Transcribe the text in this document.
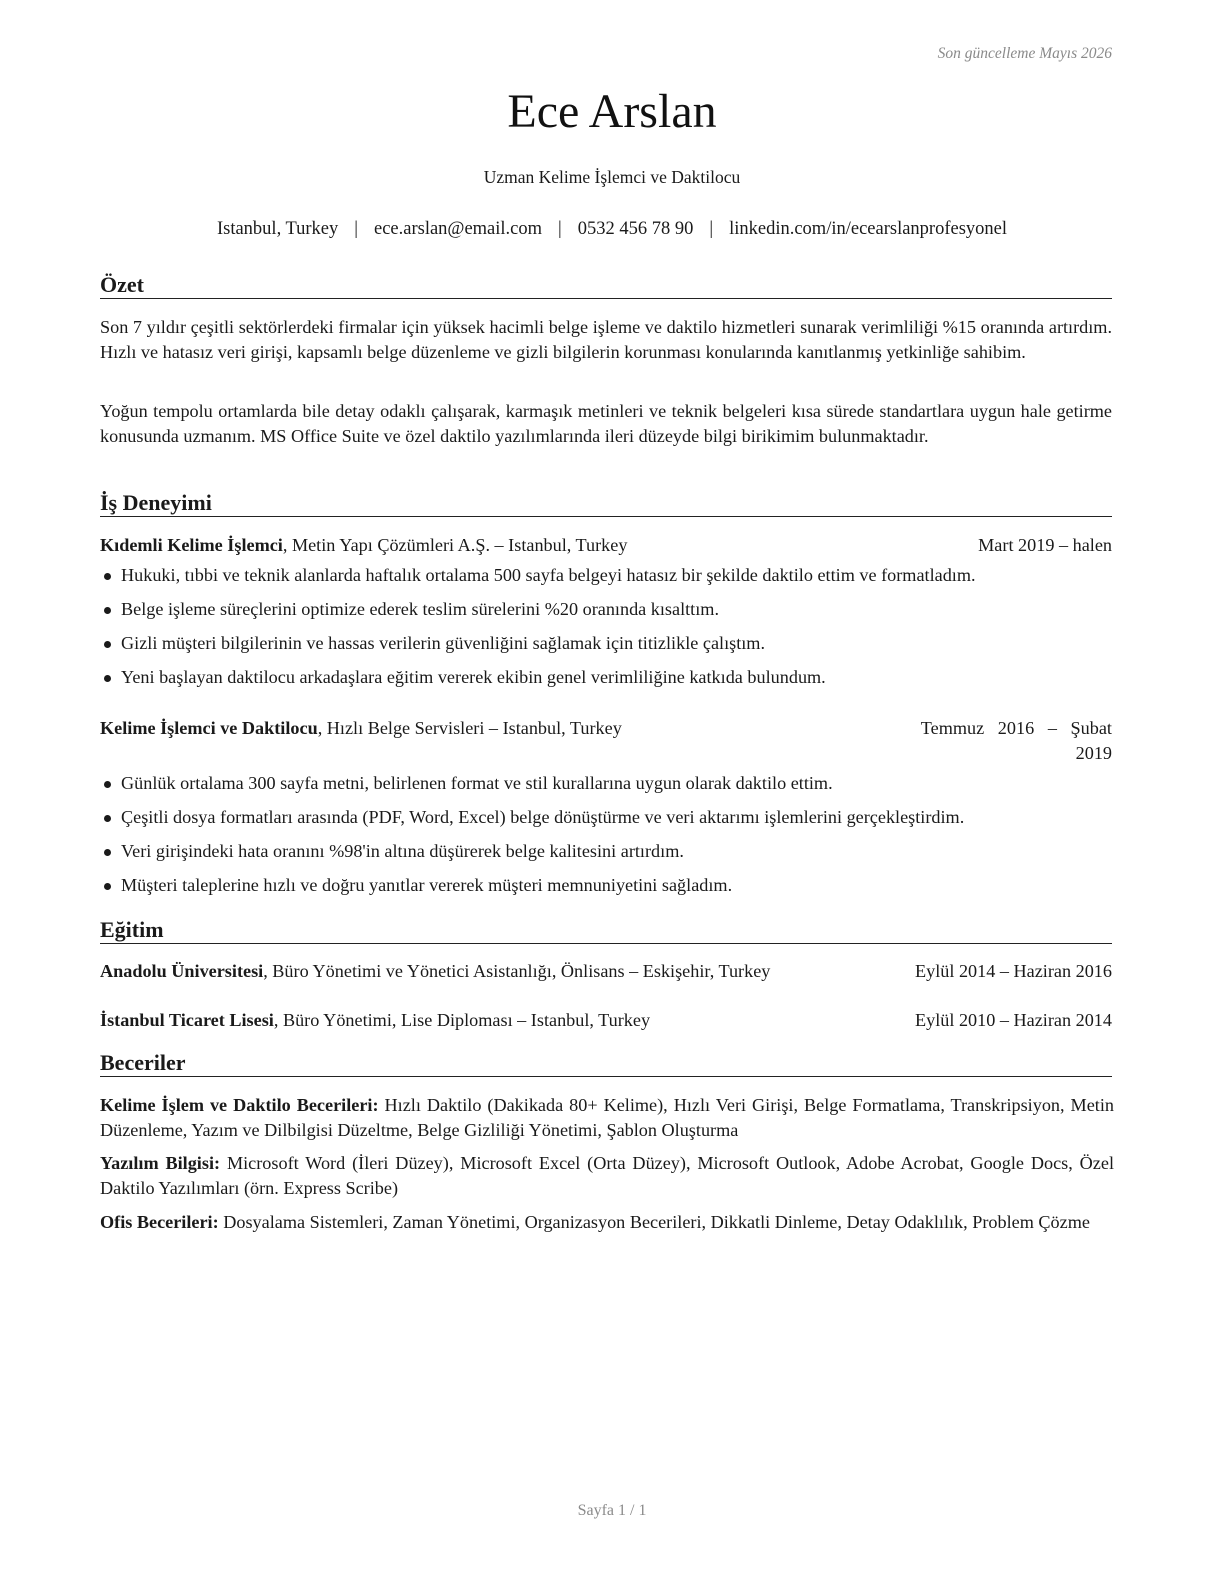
Son güncelleme Mayıs 2026
Ece Arslan
Uzman Kelime İşlemci ve Daktilocu
Istanbul, Turkey | ece.arslan@email.com | 0532 456 78 90 | linkedin.com/in/ecearslanprofesyonel
Özet
Son 7 yıldır çeşitli sektörlerdeki firmalar için yüksek hacimli belge işleme ve daktilo hizmetleri sunarak verimliliği %15 oranında artırdım. Hızlı ve hatasız veri girişi, kapsamlı belge düzenleme ve gizli bilgilerin korunması konularında kanıtlanmış yetkinliğe sahibim.
Yoğun tempolu ortamlarda bile detay odaklı çalışarak, karmaşık metinleri ve teknik belgeleri kısa sürede standartlara uygun hale getirme konusunda uzmanım. MS Office Suite ve özel daktilo yazılımlarında ileri düzeyde bilgi birikimim bulunmaktadır.
İş Deneyimi
Kıdemli Kelime İşlemci, Metin Yapı Çözümleri A.Ş. – Istanbul, Turkey	Mart 2019 – halen
Hukuki, tıbbi ve teknik alanlarda haftalık ortalama 500 sayfa belgeyi hatasız bir şekilde daktilo ettim ve formatladım.
Belge işleme süreçlerini optimize ederek teslim sürelerini %20 oranında kısalttım.
Gizli müşteri bilgilerinin ve hassas verilerin güvenliğini sağlamak için titizlikle çalıştım.
Yeni başlayan daktilocu arkadaşlara eğitim vererek ekibin genel verimliliğine katkıda bulundum.
Kelime İşlemci ve Daktilocu, Hızlı Belge Servisleri – Istanbul, Turkey	Temmuz   2016   –   Şubat
2019
Günlük ortalama 300 sayfa metni, belirlenen format ve stil kurallarına uygun olarak daktilo ettim.
Çeşitli dosya formatları arasında (PDF, Word, Excel) belge dönüştürme ve veri aktarımı işlemlerini gerçekleştirdim.
Veri girişindeki hata oranını %98'in altına düşürerek belge kalitesini artırdım.
Müşteri taleplerine hızlı ve doğru yanıtlar vererek müşteri memnuniyetini sağladım.
Eğitim
Anadolu Üniversitesi, Büro Yönetimi ve Yönetici Asistanlığı, Önlisans – Eskişehir, Turkey	Eylül 2014 – Haziran 2016
İstanbul Ticaret Lisesi, Büro Yönetimi, Lise Diploması – Istanbul, Turkey	Eylül 2010 – Haziran 2014
Beceriler
Kelime İşlem ve Daktilo Becerileri: Hızlı Daktilo (Dakikada 80+ Kelime), Hızlı Veri Girişi, Belge Formatlama, Transkripsiyon, Metin Düzenleme, Yazım ve Dilbilgisi Düzeltme, Belge Gizliliği Yönetimi, Şablon Oluşturma
Yazılım Bilgisi: Microsoft Word (İleri Düzey), Microsoft Excel (Orta Düzey), Microsoft Outlook, Adobe Acrobat, Google Docs, Özel Daktilo Yazılımları (örn. Express Scribe)
Ofis Becerileri: Dosyalama Sistemleri, Zaman Yönetimi, Organizasyon Becerileri, Dikkatli Dinleme, Detay Odaklılık, Problem Çözme
Sayfa 1 / 1
